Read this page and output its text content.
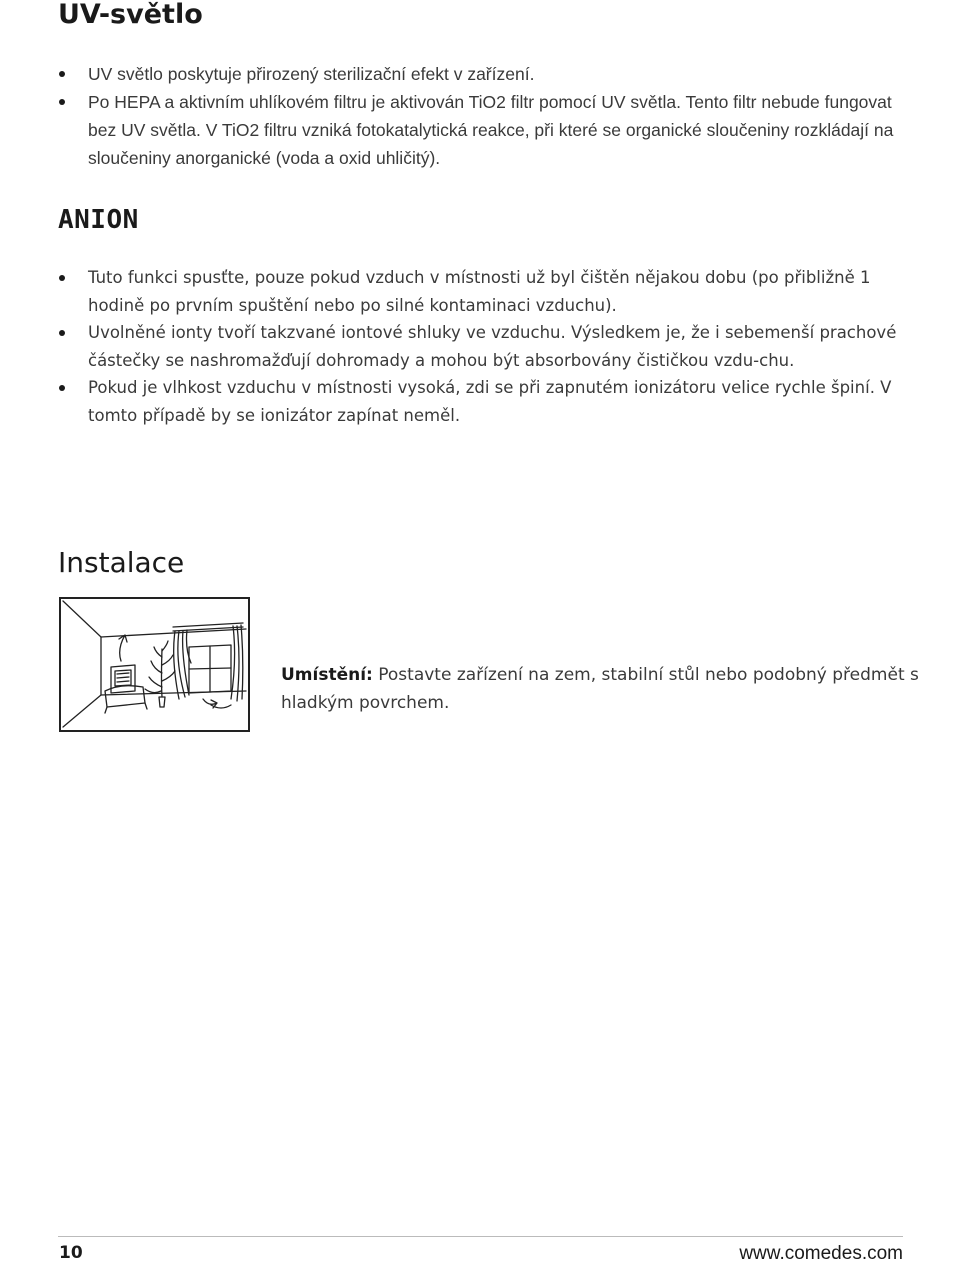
UV-světlo
UV světlo poskytuje přirozený sterilizační efekt v zařízení.
Po HEPA a aktivním uhlíkovém filtru je aktivován TiO2 filtr pomocí UV světla. Tento filtr nebude fungovat bez UV světla. V TiO2 filtru vzniká fotokatalytická reakce, při které se organické sloučeniny rozkládají na sloučeniny anorganické (voda a oxid uhličitý).
ANION
Tuto funkci spusťte, pouze pokud vzduch v místnosti už byl čištěn nějakou dobu (po přibližně 1 hodině po prvním spuštění nebo po silné kontaminaci vzduchu).
Uvolněné ionty tvoří takzvané iontové shluky ve vzduchu. Výsledkem je, že i sebemenší prachové částečky se nashromažďují dohromady a mohou být absorbovány čističkou vzdu-chu.
Pokud je vlhkost vzduchu v místnosti vysoká, zdi se při zapnutém ionizátoru velice rychle špiní. V tomto případě by se ionizátor zapínat neměl.
Instalace

Umístění: Postavte zařízení na zem, stabilní stůl nebo podobný předmět s hladkým povrchem.

10	www.comedes.com
